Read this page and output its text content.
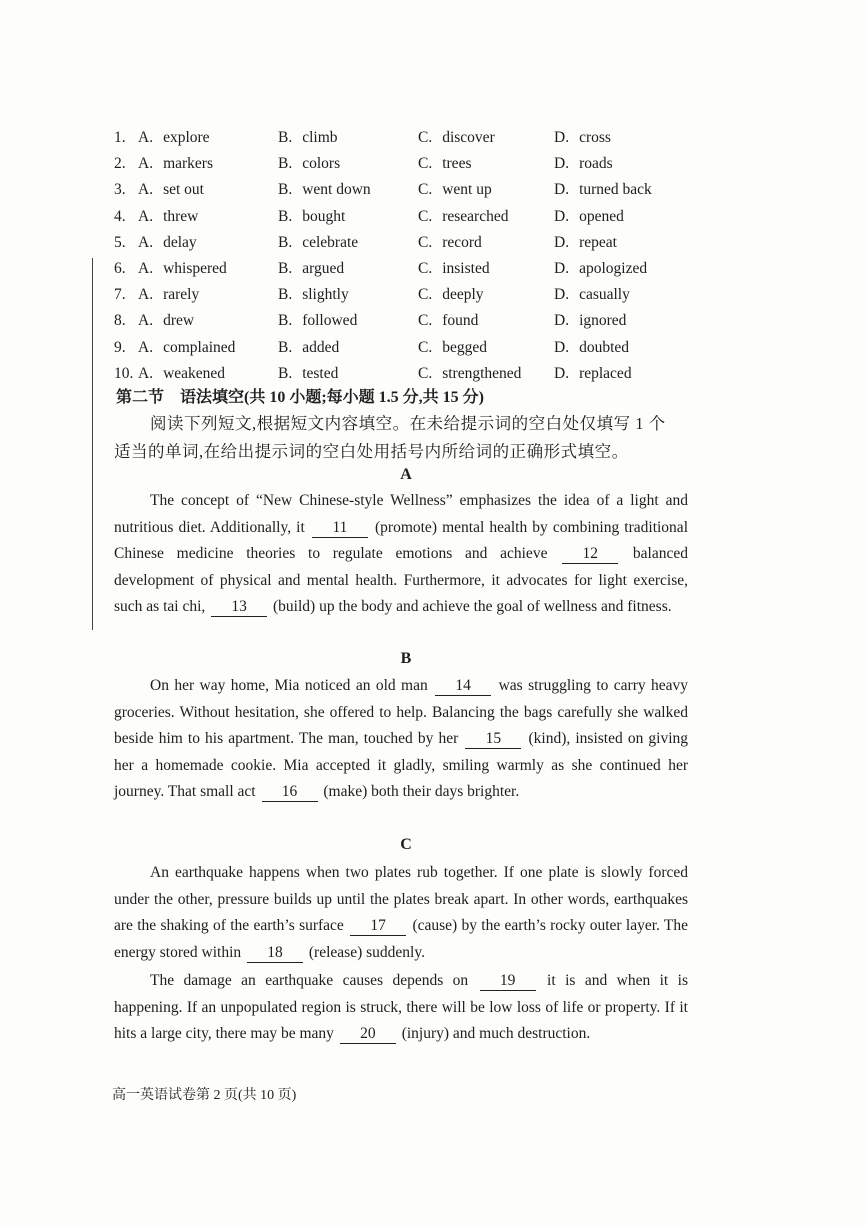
1. A. explore	B. climb	C. discover	D. cross
2. A. markers	B. colors	C. trees	D. roads
3. A. set out	B. went down	C. went up	D. turned back
4. A. threw	B. bought	C. researched	D. opened
5. A. delay	B. celebrate	C. record	D. repeat
6. A. whispered	B. argued	C. insisted	D. apologized
7. A. rarely	B. slightly	C. deeply	D. casually
8. A. drew	B. followed	C. found	D. ignored
9. A. complained	B. added	C. begged	D. doubted
10. A. weakened	B. tested	C. strengthened D. replaced
第二节　语法填空(共 10 小题;每小题 1.5 分,共 15 分)
阅读下列短文,根据短文内容填空。在未给提示词的空白处仅填写 1 个
适当的单词,在给出提示词的空白处用括号内所给词的正确形式填空。
A
The concept of “New Chinese-style Wellness” emphasizes the idea of a light and nutritious diet. Additionally, it 11 (promote) mental health by combining traditional Chinese medicine theories to regulate emotions and achieve 12 balanced development of physical and mental health. Furthermore, it advocates for light exercise, such as tai chi, 13 (build) up the body and achieve the goal of wellness and fitness.
B
On her way home, Mia noticed an old man 14 was struggling to carry heavy groceries. Without hesitation, she offered to help. Balancing the bags carefully she walked beside him to his apartment. The man, touched by her 15 (kind), insisted on giving her a homemade cookie. Mia accepted it gladly, smiling warmly as she continued her journey. That small act 16 (make) both their days brighter.
C
An earthquake happens when two plates rub together. If one plate is slowly forced under the other, pressure builds up until the plates break apart. In other words, earthquakes are the shaking of the earth’s surface 17 (cause) by the earth’s rocky outer layer. The energy stored within 18 (release) suddenly.
The damage an earthquake causes depends on 19 it is and when it is happening. If an unpopulated region is struck, there will be low loss of life or property. If it hits a large city, there may be many 20 (injury) and much destruction.
高一英语试卷第 2 页(共 10 页)
